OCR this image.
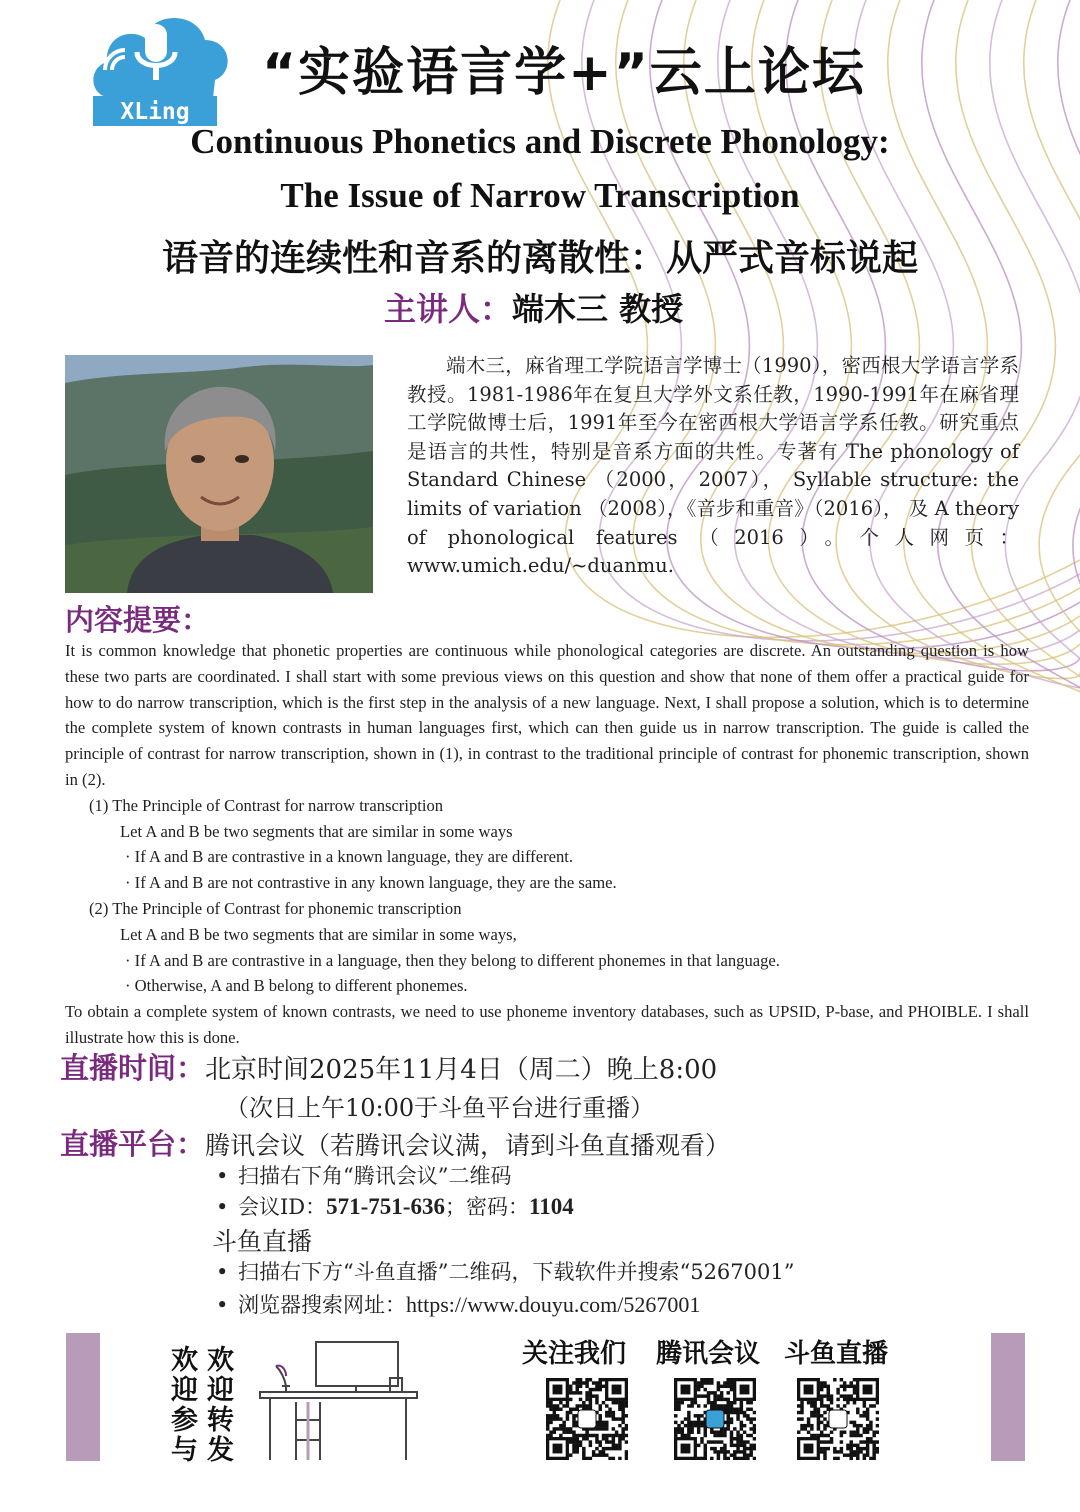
XLing
“实验语言学+”云上论坛
Continuous Phonetics and Discrete Phonology:
The Issue of Narrow Transcription
语音的连续性和音系的离散性：从严式音标说起
主讲人：端木三 教授
端木三，麻省理工学院语言学博士（1990），密西根大学语言学系教授。1981-1986年在复旦大学外文系任教，1990-1991年在麻省理工学院做博士后，1991年至今在密西根大学语言学系任教。研究重点是语言的共性，特别是音系方面的共性。专著有 The phonology of Standard Chinese （2000， 2007）， Syllable structure: the limits of variation （2008），《音步和重音》（2016）， 及 A theory of phonological features （2016）。个人网页：www.umich.edu/~duanmu.
内容提要：

It is common knowledge that phonetic properties are continuous while phonological categories are discrete. An outstanding question is how these two parts are coordinated. I shall start with some previous views on this question and show that none of them offer a practical guide for how to do narrow transcription, which is the first step in the analysis of a new language. Next, I shall propose a solution, which is to determine the complete system of known contrasts in human languages first, which can then guide us in narrow transcription. The guide is called the principle of contrast for narrow transcription, shown in (1), in contrast to the traditional principle of contrast for phonemic transcription, shown in (2).

(1) The Principle of Contrast for narrow transcription

Let A and B be two segments that are similar in some ways

· If A and B are contrastive in a known language, they are different.

· If A and B are not contrastive in any known language, they are the same.

(2) The Principle of Contrast for phonemic transcription

Let A and B be two segments that are similar in some ways,

· If A and B are contrastive in a language, then they belong to different phonemes in that language.

· Otherwise, A and B belong to different phonemes.

To obtain a complete system of known contrasts, we need to use phoneme inventory databases, such as UPSID, P-base, and PHOIBLE. I shall illustrate how this is done.

直播时间：北京时间2025年11月4日（周二）晚上8:00
（次日上午10:00于斗鱼平台进行重播）
直播平台：腾讯会议（若腾讯会议满，请到斗鱼直播观看）
• 扫描右下角“腾讯会议”二维码
• 会议ID：571-751-636；密码：1104
斗鱼直播
• 扫描右下方“斗鱼直播”二维码，下载软件并搜索“5267001”
• 浏览器搜索网址：https://www.douyu.com/5267001
欢迎转发
欢迎参与	关注我们 腾讯会议 斗鱼直播
